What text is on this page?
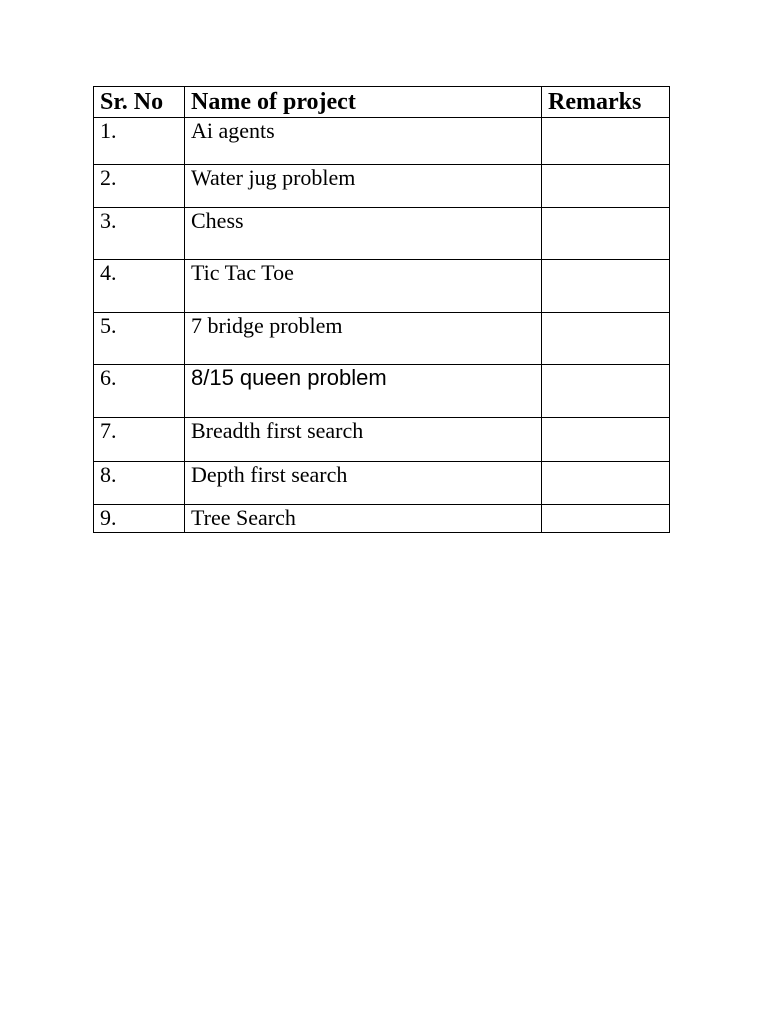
Sr. No	Name of project	Remarks
1.	Ai agents	
2.	Water jug problem	
3.	Chess	
4.	Tic Tac Toe	
5.	7 bridge problem	
6.	8/15 queen problem	
7.	Breadth first search	
8.	Depth first search	
9.	Tree Search	
